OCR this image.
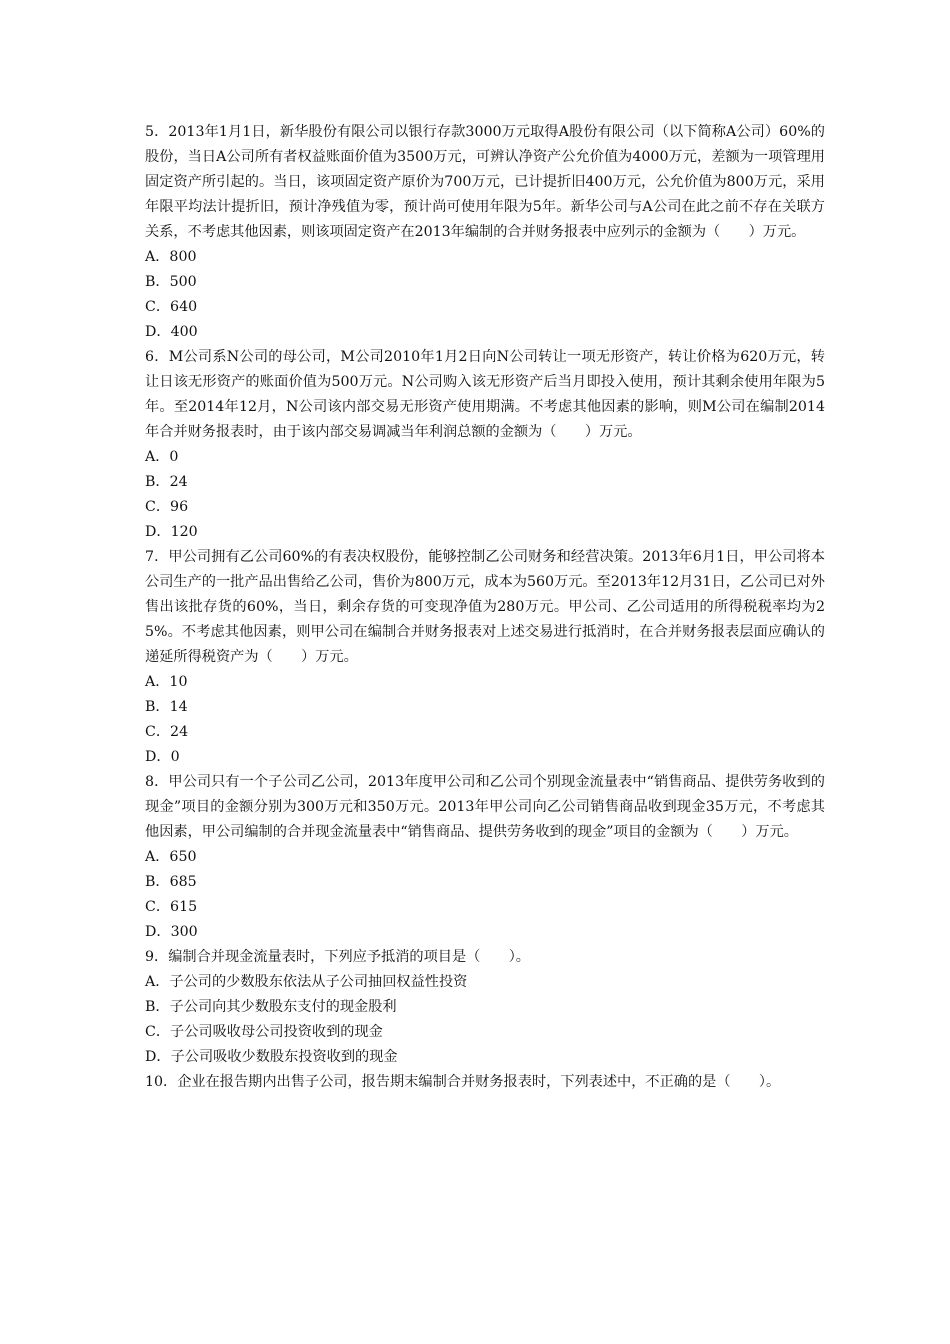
5．2013年1月1日，新华股份有限公司以银行存款3000万元取得A股份有限公司（以下简称A公司）60%的股份，当日A公司所有者权益账面价值为3500万元，可辨认净资产公允价值为4000万元，差额为一项管理用固定资产所引起的。当日，该项固定资产原价为700万元，已计提折旧400万元，公允价值为800万元，采用年限平均法计提折旧，预计净残值为零，预计尚可使用年限为5年。新华公司与A公司在此之前不存在关联方关系，不考虑其他因素，则该项固定资产在2013年编制的合并财务报表中应列示的金额为（　　）万元。

A．800

B．500

C．640

D．400

6．M公司系N公司的母公司，M公司2010年1月2日向N公司转让一项无形资产，转让价格为620万元，转让日该无形资产的账面价值为500万元。N公司购入该无形资产后当月即投入使用，预计其剩余使用年限为5年。至2014年12月，N公司该内部交易无形资产使用期满。不考虑其他因素的影响，则M公司在编制2014年合并财务报表时，由于该内部交易调减当年利润总额的金额为（　　）万元。

A．0

B．24

C．96

D．120

7．甲公司拥有乙公司60%的有表决权股份，能够控制乙公司财务和经营决策。2013年6月1日，甲公司将本公司生产的一批产品出售给乙公司，售价为800万元，成本为560万元。至2013年12月31日，乙公司已对外售出该批存货的60%，当日，剩余存货的可变现净值为280万元。甲公司、乙公司适用的所得税税率均为25%。不考虑其他因素，则甲公司在编制合并财务报表对上述交易进行抵消时，在合并财务报表层面应确认的递延所得税资产为（　　）万元。

A．10

B．14

C．24

D．0

8．甲公司只有一个子公司乙公司，2013年度甲公司和乙公司个别现金流量表中“销售商品、提供劳务收到的现金”项目的金额分别为300万元和350万元。2013年甲公司向乙公司销售商品收到现金35万元，不考虑其他因素，甲公司编制的合并现金流量表中“销售商品、提供劳务收到的现金”项目的金额为（　　）万元。

A．650

B．685

C．615

D．300

9．编制合并现金流量表时，下列应予抵消的项目是（　　）。

A．子公司的少数股东依法从子公司抽回权益性投资

B．子公司向其少数股东支付的现金股利

C．子公司吸收母公司投资收到的现金

D．子公司吸收少数股东投资收到的现金

10．企业在报告期内出售子公司，报告期末编制合并财务报表时，下列表述中，不正确的是（　　）。
